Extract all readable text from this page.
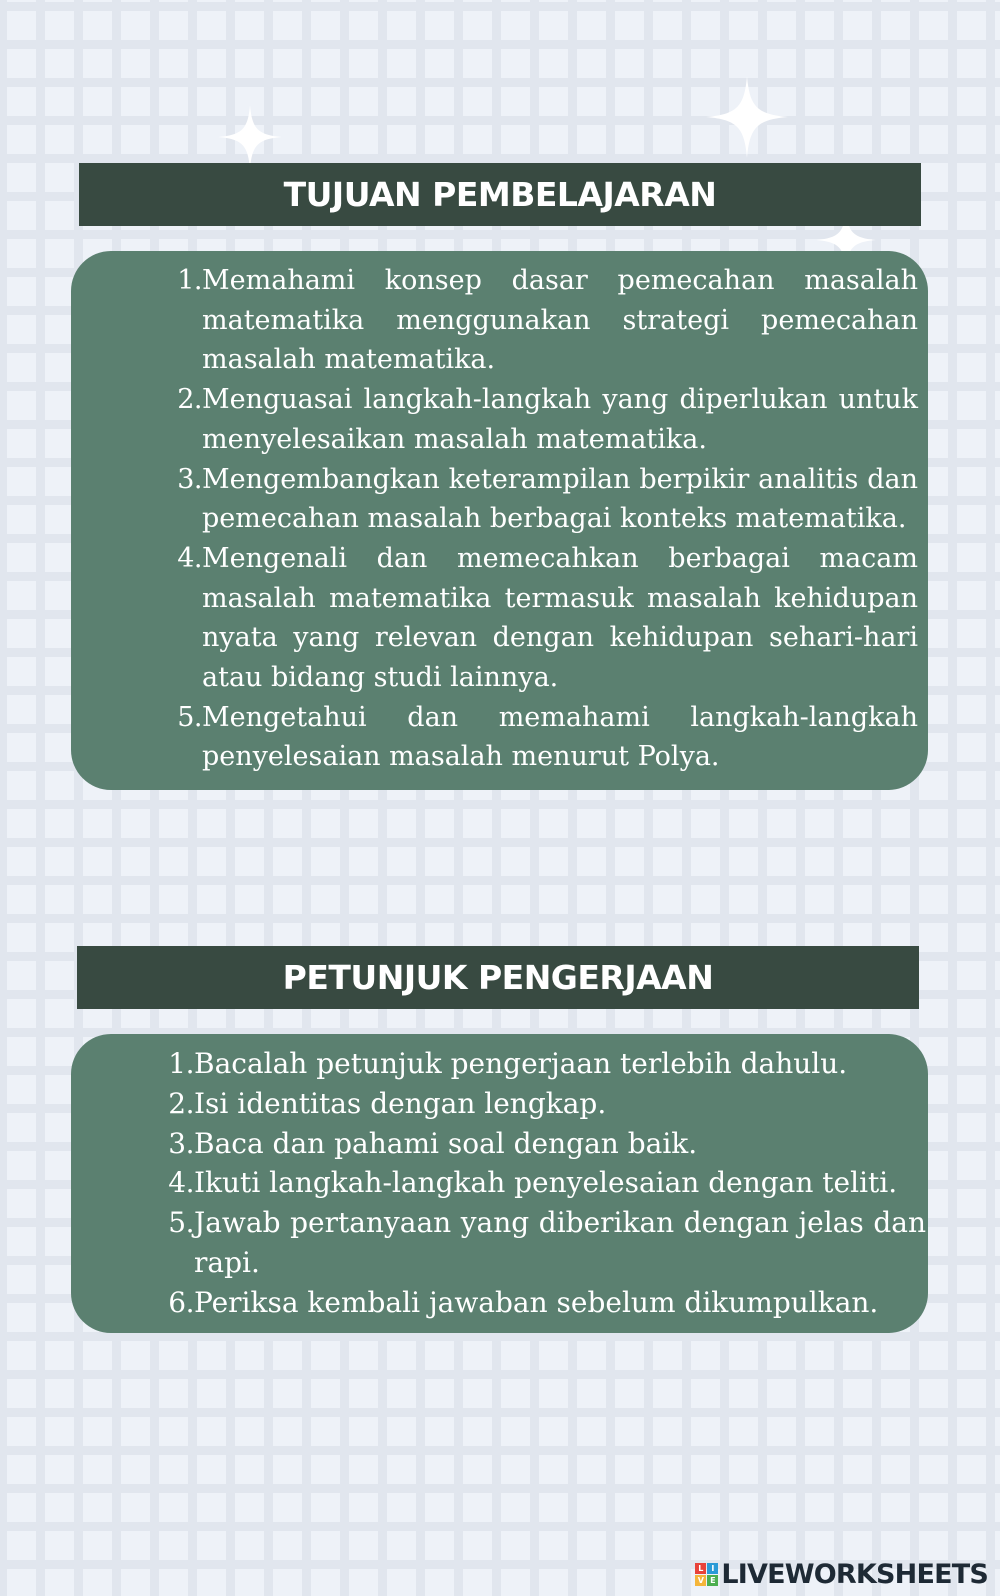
TUJUAN PEMBELAJARAN
1. Memahami konsep dasar pemecahan masalah matematika menggunakan strategi pemecahan masalah matematika.
2. Menguasai langkah-langkah yang diperlukan untuk menyelesaikan masalah matematika.
3. Mengembangkan keterampilan berpikir analitis dan pemecahan masalah berbagai konteks matematika.
4. Mengenali dan memecahkan berbagai macam masalah matematika termasuk masalah kehidupan nyata yang relevan dengan kehidupan sehari-hari atau bidang studi lainnya.
5. Mengetahui dan memahami langkah-langkah penyelesaian masalah menurut Polya.
PETUNJUK PENGERJAAN
1. Bacalah petunjuk pengerjaan terlebih dahulu.
2. Isi identitas dengan lengkap.
3. Baca dan pahami soal dengan baik.
4. Ikuti langkah-langkah penyelesaian dengan teliti.
5. Jawab pertanyaan yang diberikan dengan jelas dan rapi.
6. Periksa kembali jawaban sebelum dikumpulkan.
L I
V E LIVEWORKSHEETS
